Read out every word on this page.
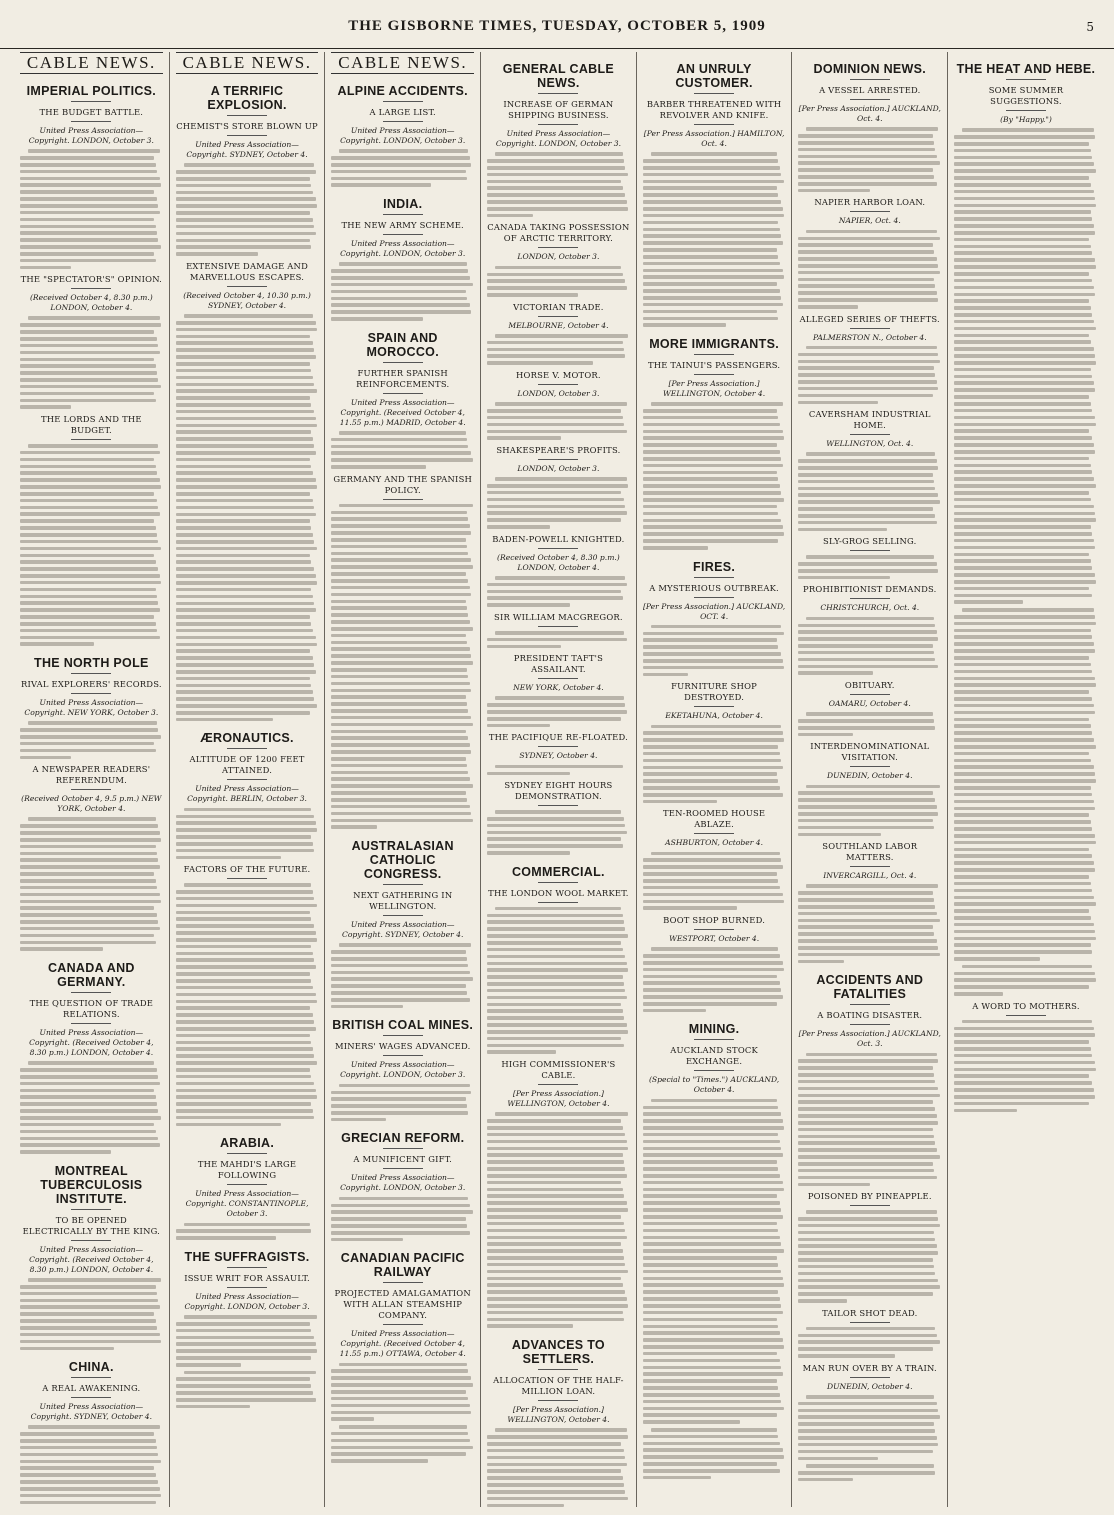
THE GISBORNE TIMES, TUESDAY, OCTOBER 5, 1909	5
CABLE NEWS.
IMPERIAL POLITICS.
THE BUDGET BATTLE.
United Press Association—Copyright. LONDON, October 3.
THE "SPECTATOR'S" OPINION.
(Received October 4, 8.30 p.m.) LONDON, October 4.
THE LORDS AND THE BUDGET.
THE NORTH POLE
RIVAL EXPLORERS' RECORDS.
United Press Association—Copyright. NEW YORK, October 3.
A NEWSPAPER READERS' REFERENDUM.
(Received October 4, 9.5 p.m.) NEW YORK, October 4.
CANADA AND GERMANY.
THE QUESTION OF TRADE RELATIONS.
United Press Association—Copyright. (Received October 4, 8.30 p.m.) LONDON, October 4.
MONTREAL TUBERCULOSIS INSTITUTE.
TO BE OPENED ELECTRICALLY BY THE KING.
United Press Association—Copyright. (Received October 4, 8.30 p.m.) LONDON, October 4.
CHINA.
A REAL AWAKENING.
United Press Association—Copyright. SYDNEY, October 4.
CABLE NEWS.
A TERRIFIC EXPLOSION.
CHEMIST'S STORE BLOWN UP
United Press Association—Copyright. SYDNEY, October 4.
EXTENSIVE DAMAGE AND MARVELLOUS ESCAPES.
(Received October 4, 10.30 p.m.) SYDNEY, October 4.
ÆRONAUTICS.
ALTITUDE OF 1200 FEET ATTAINED.
United Press Association—Copyright. BERLIN, October 3.
FACTORS OF THE FUTURE.
ARABIA.
THE MAHDI'S LARGE FOLLOWING
United Press Association—Copyright. CONSTANTINOPLE, October 3.
THE SUFFRAGISTS.
ISSUE WRIT FOR ASSAULT.
United Press Association—Copyright. LONDON, October 3.
CABLE NEWS.
ALPINE ACCIDENTS.
A LARGE LIST.
United Press Association—Copyright. LONDON, October 3.
INDIA.
THE NEW ARMY SCHEME.
United Press Association—Copyright. LONDON, October 3.
SPAIN AND MOROCCO.
FURTHER SPANISH REINFORCEMENTS.
United Press Association—Copyright. (Received October 4, 11.55 p.m.) MADRID, October 4.
GERMANY AND THE SPANISH POLICY.
AUSTRALASIAN CATHOLIC CONGRESS.
NEXT GATHERING IN WELLINGTON.
United Press Association—Copyright. SYDNEY, October 4.
BRITISH COAL MINES.
MINERS' WAGES ADVANCED.
United Press Association—Copyright. LONDON, October 3.
GRECIAN REFORM.
A MUNIFICENT GIFT.
United Press Association—Copyright. LONDON, October 3.
CANADIAN PACIFIC RAILWAY
PROJECTED AMALGAMATION WITH ALLAN STEAMSHIP COMPANY.
United Press Association—Copyright. (Received October 4, 11.55 p.m.) OTTAWA, October 4.
GENERAL CABLE NEWS.
INCREASE OF GERMAN SHIPPING BUSINESS.
United Press Association—Copyright. LONDON, October 3.
CANADA TAKING POSSESSION OF ARCTIC TERRITORY.
LONDON, October 3.
VICTORIAN TRADE.
MELBOURNE, October 4.
HORSE V. MOTOR.
LONDON, October 3.
SHAKESPEARE'S PROFITS.
LONDON, October 3.
BADEN-POWELL KNIGHTED.
(Received October 4, 8.30 p.m.) LONDON, October 4.
SIR WILLIAM MACGREGOR.
PRESIDENT TAFT'S ASSAILANT.
NEW YORK, October 4.
THE PACIFIQUE RE-FLOATED.
SYDNEY, October 4.
SYDNEY EIGHT HOURS DEMONSTRATION.
COMMERCIAL.
THE LONDON WOOL MARKET.
HIGH COMMISSIONER'S CABLE.
[Per Press Association.] WELLINGTON, October 4.
ADVANCES TO SETTLERS.
ALLOCATION OF THE HALF-MILLION LOAN.
[Per Press Association.] WELLINGTON, October 4.
AN UNRULY CUSTOMER.
BARBER THREATENED WITH REVOLVER AND KNIFE.
[Per Press Association.] HAMILTON, Oct. 4.
MORE IMMIGRANTS.
THE TAINUI'S PASSENGERS.
[Per Press Association.] WELLINGTON, October 4.
FIRES.
A MYSTERIOUS OUTBREAK.
[Per Press Association.] AUCKLAND, OCT. 4.
FURNITURE SHOP DESTROYED.
EKETAHUNA, October 4.
TEN-ROOMED HOUSE ABLAZE.
ASHBURTON, October 4.
BOOT SHOP BURNED.
WESTPORT, October 4.
MINING.
AUCKLAND STOCK EXCHANGE.
(Special to "Times.") AUCKLAND, October 4.
DOMINION NEWS.
A VESSEL ARRESTED.
[Per Press Association.] AUCKLAND, Oct. 4.
NAPIER HARBOR LOAN.
NAPIER, Oct. 4.
ALLEGED SERIES OF THEFTS.
PALMERSTON N., October 4.
CAVERSHAM INDUSTRIAL HOME.
WELLINGTON, Oct. 4.
SLY-GROG SELLING.
PROHIBITIONIST DEMANDS.
CHRISTCHURCH, Oct. 4.
OBITUARY.
OAMARU, October 4.
INTERDENOMINATIONAL VISITATION.
DUNEDIN, October 4.
SOUTHLAND LABOR MATTERS.
INVERCARGILL, Oct. 4.
ACCIDENTS AND FATALITIES
A BOATING DISASTER.
[Per Press Association.] AUCKLAND, Oct. 3.
POISONED BY PINEAPPLE.
TAILOR SHOT DEAD.
MAN RUN OVER BY A TRAIN.
DUNEDIN, October 4.
THE HEAT AND HEBE.
SOME SUMMER SUGGESTIONS.
(By "Happy.")
A WORD TO MOTHERS.
